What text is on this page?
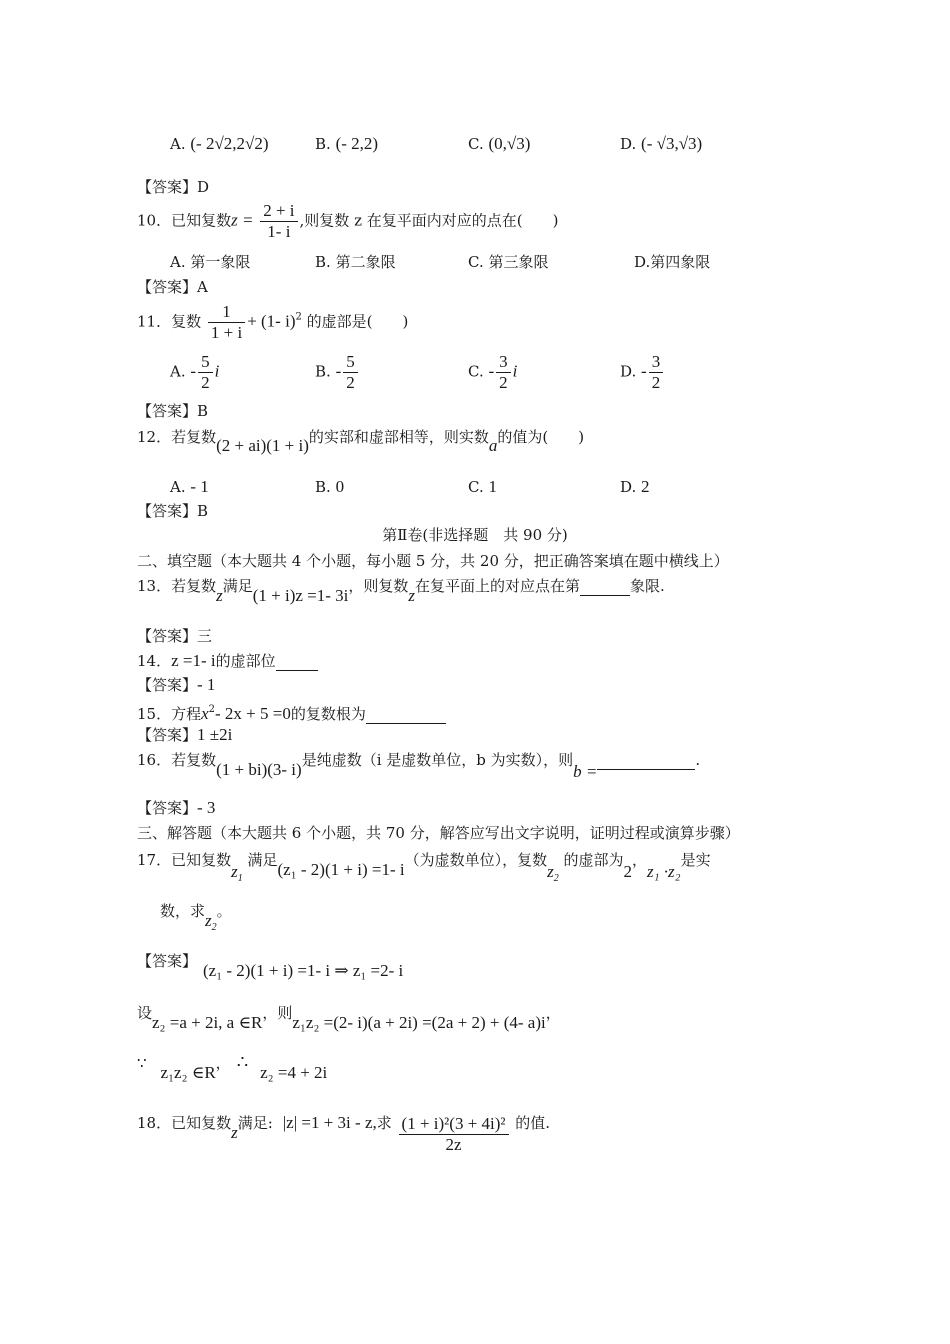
A. (- 2√2,2√2)	B. (- 2,2)	C. (0,√3)	D. (- √3,√3)
【答案】D
10．已知复数$z = \frac{2 + i}{1- i}$ ,则复数 z 在复平面内对应的点在(　　)
A. 第一象限	B. 第二象限	C. 第三象限	D.第四象限
【答案】A
11．复数 $\frac{1}{1 + i} + (1-$ i)$^2$ 的虚部是(　　)
A. - $\frac{5}{2}$ i	B. - $\frac{5}{2}$	C. - $\frac{3}{2}$ i	D. - $\frac{3}{2}$
【答案】B
12．若复数(2 + ai)(1 + i)的实部和虚部相等，则实数a的值为(　　)
A. - 1	B. 0	C. 1	D. 2
【答案】B
第Ⅱ卷(非选择题　共 90 分)
二、填空题（本大题共 4 个小题，每小题 5 分，共 20 分，把正确答案填在题中横线上）
13．若复数z满足(1 + i)z =1- 3i，则复数z在复平面上的对应点在第	象限.
【答案】三
14．z =1- i的虚部位
【答案】- 1
15．方程$x^2-$ 2x + 5 =0的复数根为
【答案】1 ±2i
16．若复数(1 + bi)(3- i)是纯虚数（i 是虚数单位，b 为实数），则b =.
【答案】- 3
三、解答题（本大题共 6 个小题，共 70 分，解答应写出文字说明，证明过程或演算步骤）
17．已知复数$z_1$ 满足(z₁ - 2)(1 + i) =1- i（为虚数单位），复数$z_2$ 的虚部为2，z₁ ·z₂是实
数，求$z_2$。
【答案】 (z₁ - 2)(1 + i) =1- i ⇒ z₁ =2- i
设z₂ =a + 2i, a ∈R，则z₁z₂ =(2- i)(a + 2i) =(2a + 2) + (4- a)i，
∵ z₁z₂ ∈R， ∴ z₂ =4 + 2i
18．已知复数z满足: |z| =1 + 3i - z,求 $\frac{\text{(1 + i)²(3 + 4i)²}}{2z}$ 的值.
